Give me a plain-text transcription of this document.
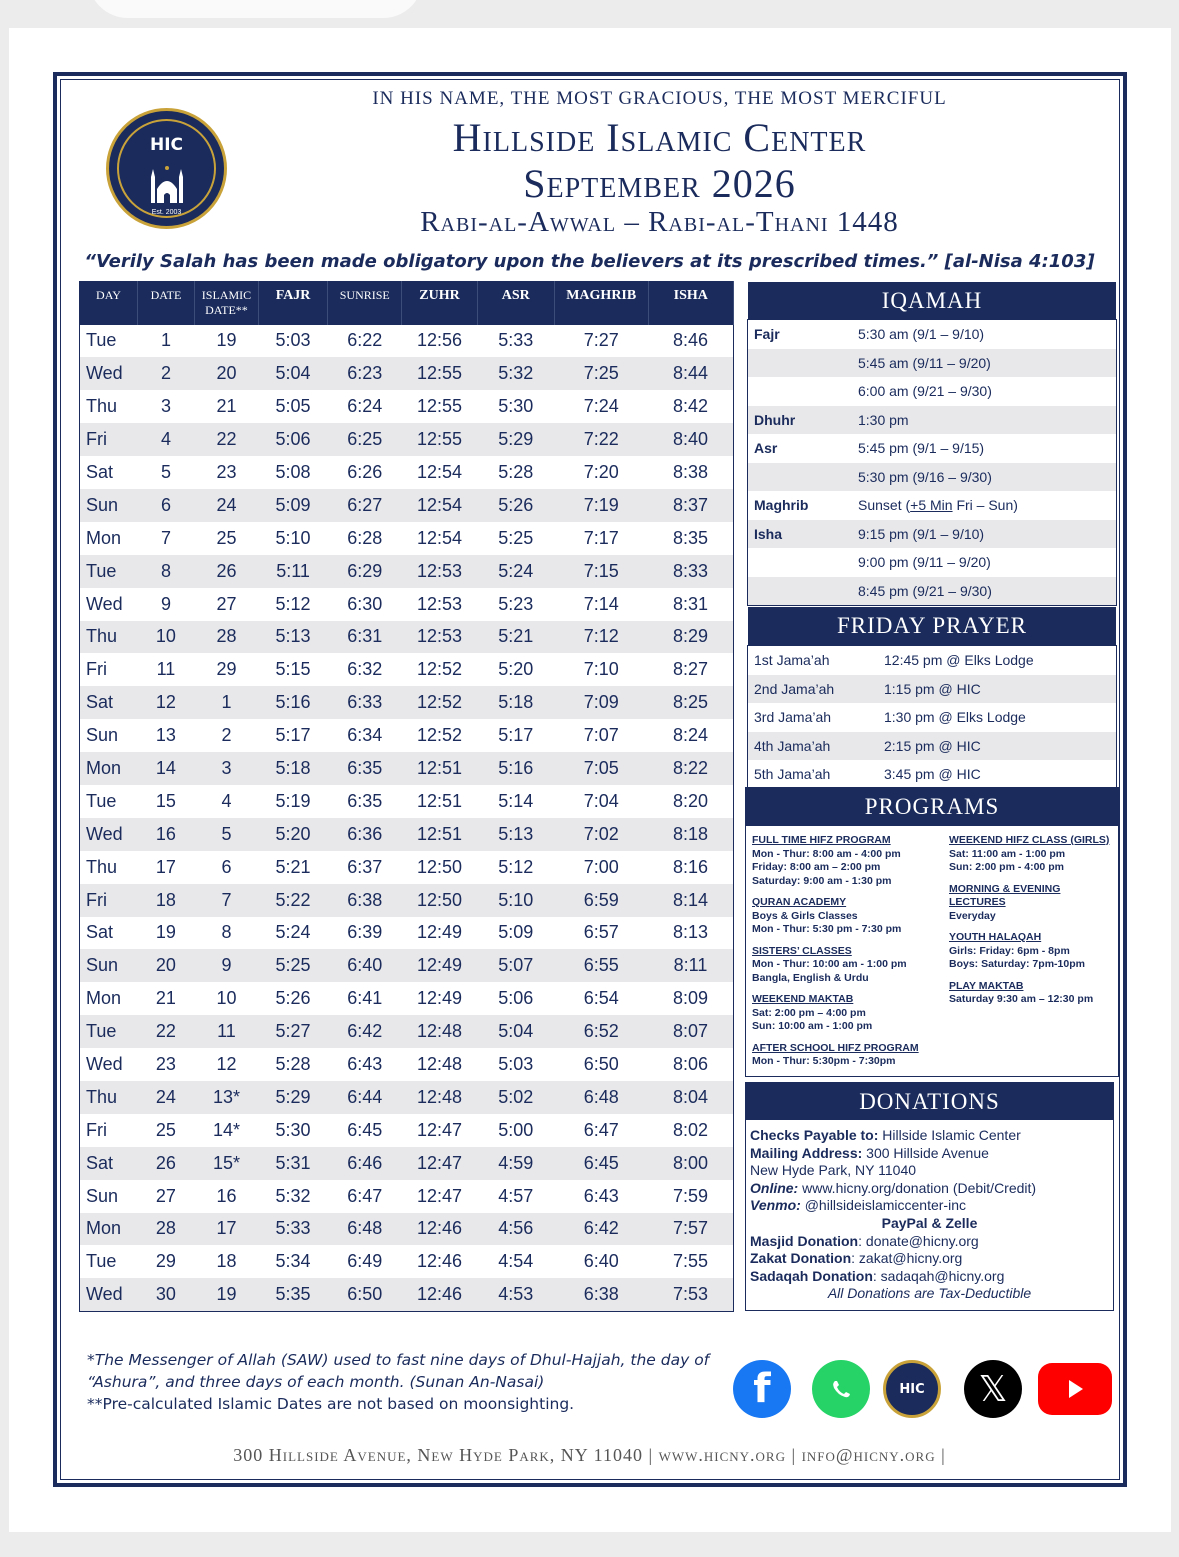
HIC
Est. 2003
IN HIS NAME, THE MOST GRACIOUS, THE MOST MERCIFUL
Hillside Islamic Center
September 2026
Rabi-al-Awwal – Rabi-al-Thani 1448
“Verily Salah has been made obligatory upon the believers at its prescribed times.” [al-Nisa 4:103]
DAY	DATE	ISLAMIC DATE**	FAJR	SUNRISE	ZUHR	ASR	MAGHRIB	ISHA
Tue	1	19	5:03	6:22	12:56	5:33	7:27	8:46
Wed	2	20	5:04	6:23	12:55	5:32	7:25	8:44
Thu	3	21	5:05	6:24	12:55	5:30	7:24	8:42
Fri	4	22	5:06	6:25	12:55	5:29	7:22	8:40
Sat	5	23	5:08	6:26	12:54	5:28	7:20	8:38
Sun	6	24	5:09	6:27	12:54	5:26	7:19	8:37
Mon	7	25	5:10	6:28	12:54	5:25	7:17	8:35
Tue	8	26	5:11	6:29	12:53	5:24	7:15	8:33
Wed	9	27	5:12	6:30	12:53	5:23	7:14	8:31
Thu	10	28	5:13	6:31	12:53	5:21	7:12	8:29
Fri	11	29	5:15	6:32	12:52	5:20	7:10	8:27
Sat	12	1	5:16	6:33	12:52	5:18	7:09	8:25
Sun	13	2	5:17	6:34	12:52	5:17	7:07	8:24
Mon	14	3	5:18	6:35	12:51	5:16	7:05	8:22
Tue	15	4	5:19	6:35	12:51	5:14	7:04	8:20
Wed	16	5	5:20	6:36	12:51	5:13	7:02	8:18
Thu	17	6	5:21	6:37	12:50	5:12	7:00	8:16
Fri	18	7	5:22	6:38	12:50	5:10	6:59	8:14
Sat	19	8	5:24	6:39	12:49	5:09	6:57	8:13
Sun	20	9	5:25	6:40	12:49	5:07	6:55	8:11
Mon	21	10	5:26	6:41	12:49	5:06	6:54	8:09
Tue	22	11	5:27	6:42	12:48	5:04	6:52	8:07
Wed	23	12	5:28	6:43	12:48	5:03	6:50	8:06
Thu	24	13*	5:29	6:44	12:48	5:02	6:48	8:04
Fri	25	14*	5:30	6:45	12:47	5:00	6:47	8:02
Sat	26	15*	5:31	6:46	12:47	4:59	6:45	8:00
Sun	27	16	5:32	6:47	12:47	4:57	6:43	7:59
Mon	28	17	5:33	6:48	12:46	4:56	6:42	7:57
Tue	29	18	5:34	6:49	12:46	4:54	6:40	7:55
Wed	30	19	5:35	6:50	12:46	4:53	6:38	7:53
IQAMAH
Fajr	5:30 am (9/1 – 9/10)
5:45 am (9/11 – 9/20)
6:00 am (9/21 – 9/30)
Dhuhr	1:30 pm
Asr	5:45 pm (9/1 – 9/15)
5:30 pm (9/16 – 9/30)
Maghrib	Sunset (+5 Min Fri – Sun)
Isha	9:15 pm (9/1 – 9/10)
9:00 pm (9/11 – 9/20)
8:45 pm (9/21 – 9/30)
FRIDAY PRAYER
1st Jama’ah	12:45 pm @ Elks Lodge
2nd Jama’ah	1:15 pm @ HIC
3rd Jama’ah	1:30 pm @ Elks Lodge
4th Jama’ah	2:15 pm @ HIC
5th Jama’ah	3:45 pm @ HIC
PROGRAMS
FULL TIME HIFZ PROGRAM
Mon - Thur: 8:00 am - 4:00 pm
Friday: 8:00 am – 2:00 pm
Saturday: 9:00 am - 1:30 pm
QURAN ACADEMY
Boys & Girls Classes
Mon - Thur: 5:30 pm - 7:30 pm
SISTERS’ CLASSES
Mon - Thur: 10:00 am - 1:00 pm
Bangla, English & Urdu
WEEKEND MAKTAB
Sat: 2:00 pm – 4:00 pm
Sun: 10:00 am - 1:00 pm
AFTER SCHOOL HIFZ PROGRAM
Mon - Thur: 5:30pm - 7:30pm
WEEKEND HIFZ CLASS (GIRLS)
Sat: 11:00 am - 1:00 pm
Sun: 2:00 pm - 4:00 pm
MORNING & EVENING LECTURES
Everyday
YOUTH HALAQAH
Girls: Friday: 6pm - 8pm
Boys: Saturday: 7pm-10pm
PLAY MAKTAB
Saturday 9:30 am – 12:30 pm
DONATIONS
Checks Payable to: Hillside Islamic Center
Mailing Address: 300 Hillside Avenue
New Hyde Park, NY 11040
Online: www.hicny.org/donation (Debit/Credit)
Venmo: @hillsideislamiccenter-inc
PayPal & Zelle
Masjid Donation: donate@hicny.org
Zakat Donation: zakat@hicny.org
Sadaqah Donation: sadaqah@hicny.org
All Donations are Tax-Deductible
*The Messenger of Allah (SAW) used to fast nine days of Dhul-Hajjah, the day of “Ashura”, and three days of each month. (Sunan An-Nasai)
**Pre-calculated Islamic Dates are not based on moonsighting.	f	HIC	𝕏
300 Hillside Avenue, New Hyde Park, NY 11040 | www.hicny.org | info@hicny.org |
